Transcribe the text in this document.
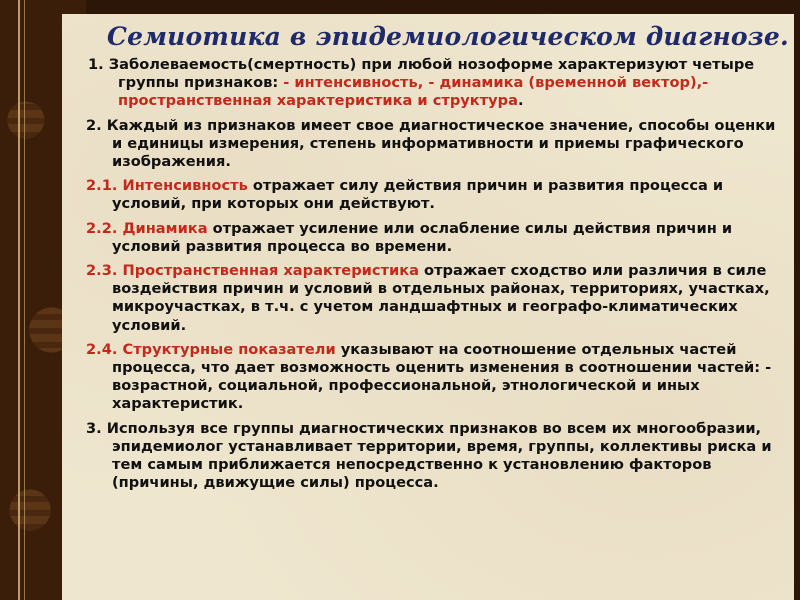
Семиотика в эпидемиологическом диагнозе.

1. Заболеваемость(смертность) при любой нозоформе характеризуют четыре группы признаков: - интенсивность, - динамика (временной вектор),- пространственная характеристика и структура.

2. Каждый из признаков имеет свое диагностическое значение, способы оценки и единицы измерения, степень информативности и приемы графического изображения.

2.1. Интенсивность отражает силу действия причин и развития процесса и условий, при которых они действуют.

2.2. Динамика отражает усиление или ослабление силы действия причин и условий развития процесса во времени.

2.3. Пространственная характеристика отражает сходство или различия в силе воздействия причин и условий в отдельных районах, территориях, участках, микроучастках, в т.ч. с учетом ландшафтных и географо-климатических условий.

2.4. Структурные показатели указывают на соотношение отдельных частей процесса, что дает возможность оценить изменения в соотношении частей: - возрастной, социальной, профессиональной, этнологической и иных характеристик.

3. Используя все группы диагностических признаков во всем их многообразии, эпидемиолог устанавливает территории, время, группы, коллективы риска и тем самым приближается непосредственно к установлению факторов (причины, движущие силы) процесса.
